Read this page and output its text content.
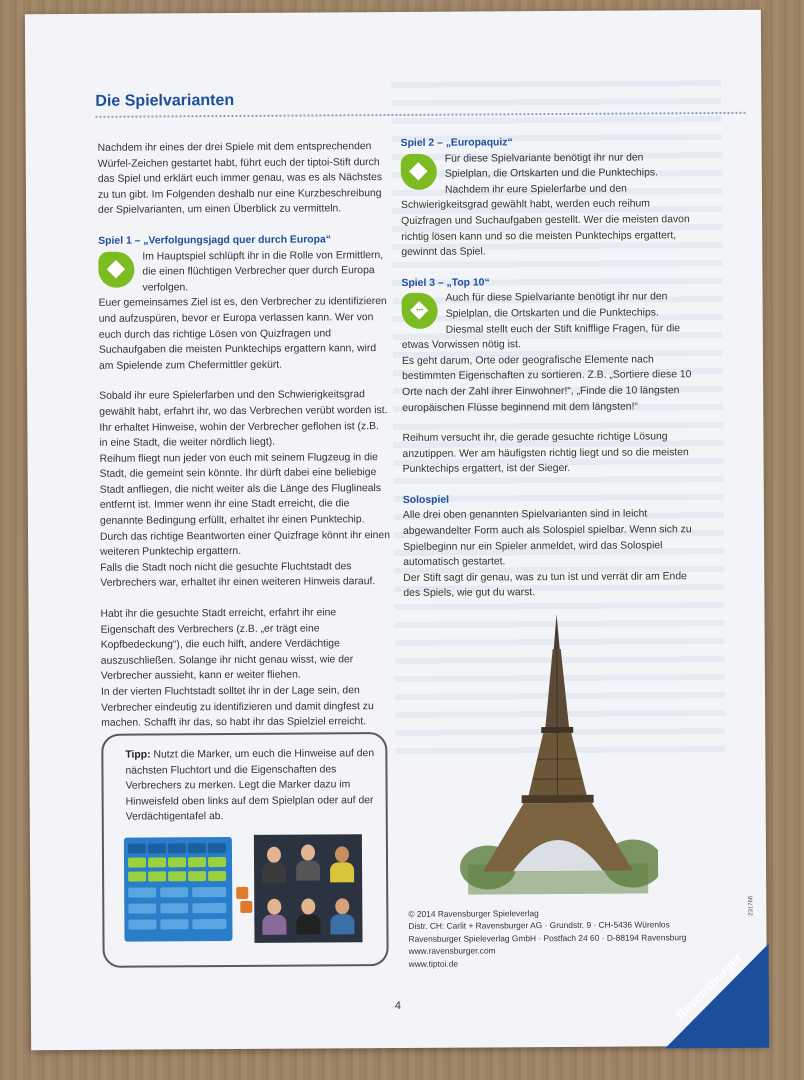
Die Spielvarianten

Nachdem ihr eines der drei Spiele mit dem entsprechenden Würfel-Zeichen gestartet habt, führt euch der tiptoi-Stift durch das Spiel und erklärt euch immer genau, was es als Nächstes zu tun gibt. Im Folgenden deshalb nur eine Kurzbeschreibung der Spielvarianten, um einen Überblick zu vermitteln.

Spiel 1 – „Verfolgungsjagd quer durch Europa“

Im Hauptspiel schlüpft ihr in die Rolle von Ermittlern, die einen flüchtigen Verbrecher quer durch Europa verfolgen.

Euer gemeinsames Ziel ist es, den Verbrecher zu identifizieren und aufzuspüren, bevor er Europa verlassen kann. Wer von euch durch das richtige Lösen von Quizfragen und Suchaufgaben die meisten Punktechips ergattern kann, wird am Spielende zum Chefermittler gekürt.

Sobald ihr eure Spielerfarben und den Schwierigkeitsgrad gewählt habt, erfahrt ihr, wo das Verbrechen verübt worden ist. Ihr erhaltet Hinweise, wohin der Verbrecher geflohen ist (z.B. in eine Stadt, die weiter nördlich liegt).

Reihum fliegt nun jeder von euch mit seinem Flugzeug in die Stadt, die gemeint sein könnte. Ihr dürft dabei eine beliebige Stadt anfliegen, die nicht weiter als die Länge des Fluglineals entfernt ist. Immer wenn ihr eine Stadt erreicht, die die genannte Bedingung erfüllt, erhaltet ihr einen Punktechip. Durch das richtige Beantworten einer Quizfrage könnt ihr einen weiteren Punktechip ergattern.

Falls die Stadt noch nicht die gesuchte Fluchtstadt des Verbrechers war, erhaltet ihr einen weiteren Hinweis darauf.

Habt ihr die gesuchte Stadt erreicht, erfahrt ihr eine Eigenschaft des Verbrechers (z.B. „er trägt eine Kopfbedeckung“), die euch hilft, andere Verdächtige auszuschließen. Solange ihr nicht genau wisst, wie der Verbrecher aussieht, kann er weiter fliehen.

In der vierten Fluchtstadt solltet ihr in der Lage sein, den Verbrecher eindeutig zu identifizieren und damit dingfest zu machen. Schafft ihr das, so habt ihr das Spielziel erreicht.

Spiel 2 – „Europaquiz“

Für diese Spielvariante benötigt ihr nur den Spielplan, die Ortskarten und die Punktechips. Nachdem ihr eure Spielerfarbe und den Schwierigkeitsgrad gewählt habt, werden euch reihum Quizfragen und Suchaufgaben gestellt. Wer die meisten davon richtig lösen kann und so die meisten Punktechips ergattert, gewinnt das Spiel.

Spiel 3 – „Top 10“
•••

Auch für diese Spielvariante benötigt ihr nur den Spielplan, die Ortskarten und die Punktechips. Diesmal stellt euch der Stift knifflige Fragen, für die etwas Vorwissen nötig ist.

Es geht darum, Orte oder geografische Elemente nach bestimmten Eigenschaften zu sortieren. Z.B. „Sortiere diese 10 Orte nach der Zahl ihrer Einwohner!“, „Finde die 10 längsten europäischen Flüsse beginnend mit dem längsten!“

Reihum versucht ihr, die gerade gesuchte richtige Lösung anzutippen. Wer am häufigsten richtig liegt und so die meisten Punktechips ergattert, ist der Sieger.

Solospiel

Alle drei oben genannten Spielvarianten sind in leicht abgewandelter Form auch als Solospiel spielbar. Wenn sich zu Spielbeginn nur ein Spieler anmeldet, wird das Solospiel automatisch gestartet.

Der Stift sagt dir genau, was zu tun ist und verrät dir am Ende des Spiels, wie gut du warst.

Tipp: Nutzt die Marker, um euch die Hinweise auf den nächsten Fluchtort und die Eigenschaften des Verbrechers zu merken. Legt die Marker dazu im Hinweisfeld oben links auf dem Spielplan oder auf der Verdächtigentafel ab.
© 2014 Ravensburger Spieleverlag
Distr. CH: Carlit + Ravensburger AG · Grundstr. 9 · CH-5436 Würenlos
Ravensburger Spieleverlag GmbH · Postfach 24 60 · D-88194 Ravensburg
www.ravensburger.com
www.tiptoi.de
231766
4	Ravensburger
